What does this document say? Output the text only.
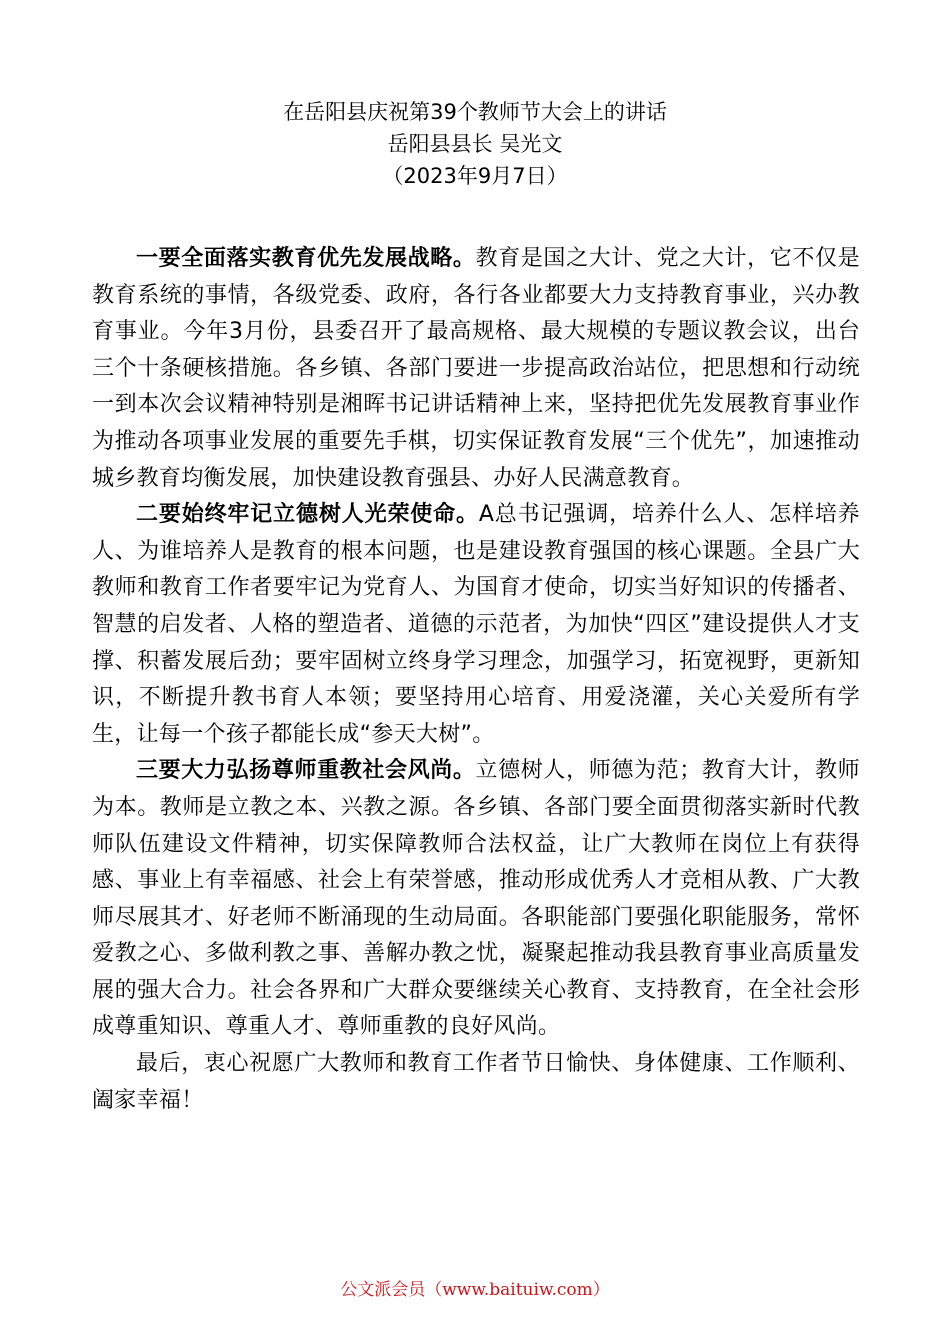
在岳阳县庆祝第39个教师节大会上的讲话
岳阳县县长 吴光文
（2023年9月7日）

一要全面落实教育优先发展战略。教育是国之大计、党之大计，它不仅是教育系统的事情，各级党委、政府，各行各业都要大力支持教育事业，兴办教育事业。今年3月份，县委召开了最高规格、最大规模的专题议教会议，出台三个十条硬核措施。各乡镇、各部门要进一步提高政治站位，把思想和行动统一到本次会议精神特别是湘晖书记讲话精神上来，坚持把优先发展教育事业作为推动各项事业发展的重要先手棋，切实保证教育发展“三个优先”，加速推动城乡教育均衡发展，加快建设教育强县、办好人民满意教育。

二要始终牢记立德树人光荣使命。A总书记强调，培养什么人、怎样培养人、为谁培养人是教育的根本问题，也是建设教育强国的核心课题。全县广大教师和教育工作者要牢记为党育人、为国育才使命，切实当好知识的传播者、智慧的启发者、人格的塑造者、道德的示范者，为加快“四区”建设提供人才支撑、积蓄发展后劲；要牢固树立终身学习理念，加强学习，拓宽视野，更新知识，不断提升教书育人本领；要坚持用心培育、用爱浇灌，关心关爱所有学生，让每一个孩子都能长成“参天大树”。

三要大力弘扬尊师重教社会风尚。立德树人，师德为范；教育大计，教师为本。教师是立教之本、兴教之源。各乡镇、各部门要全面贯彻落实新时代教师队伍建设文件精神，切实保障教师合法权益，让广大教师在岗位上有获得感、事业上有幸福感、社会上有荣誉感，推动形成优秀人才竞相从教、广大教师尽展其才、好老师不断涌现的生动局面。各职能部门要强化职能服务，常怀爱教之心、多做利教之事、善解办教之忧，凝聚起推动我县教育事业高质量发展的强大合力。社会各界和广大群众要继续关心教育、支持教育，在全社会形成尊重知识、尊重人才、尊师重教的良好风尚。

最后，衷心祝愿广大教师和教育工作者节日愉快、身体健康、工作顺利、阖家幸福！

公文派会员（www.baituiw.com）
